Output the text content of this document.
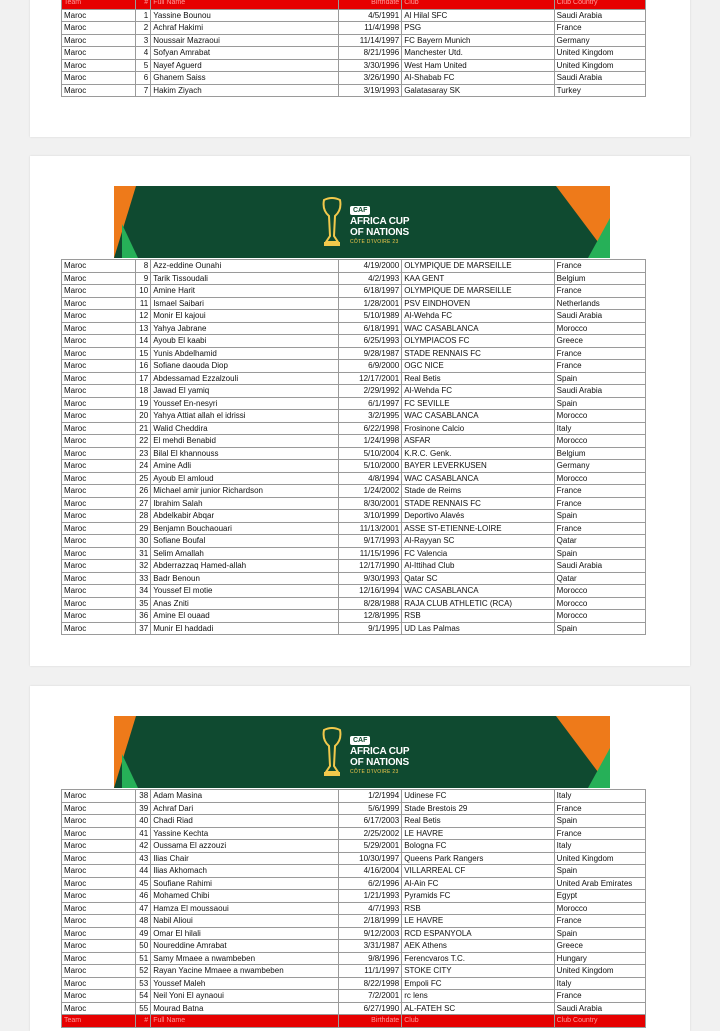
Team	#	Full Name	Birthdate	Club	Club Country
Maroc	1	Yassine Bounou	4/5/1991	Al Hilal SFC	Saudi Arabia
Maroc	2	Achraf Hakimi	11/4/1998	PSG	France
Maroc	3	Noussair Mazraoui	11/14/1997	FC Bayern Munich	Germany
Maroc	4	Sofyan Amrabat	8/21/1996	Manchester Utd.	United Kingdom
Maroc	5	Nayef Aguerd	3/30/1996	West Ham United	United Kingdom
Maroc	6	Ghanem Saiss	3/26/1990	Al-Shabab FC	Saudi Arabia
Maroc	7	Hakim Ziyach	3/19/1993	Galatasaray SK	Turkey
CAF
AFRICA CUP
OF NATIONS
CÔTE D'IVOIRE 23
Maroc	8	Azz-eddine Ounahi	4/19/2000	OLYMPIQUE DE MARSEILLE	France
Maroc	9	Tarik Tissoudali	4/2/1993	KAA GENT	Belgium
Maroc	10	Amine Harit	6/18/1997	OLYMPIQUE DE MARSEILLE	France
Maroc	11	Ismael Saibari	1/28/2001	PSV EINDHOVEN	Netherlands
Maroc	12	Monir El kajoui	5/10/1989	Al-Wehda FC	Saudi Arabia
Maroc	13	Yahya Jabrane	6/18/1991	WAC CASABLANCA	Morocco
Maroc	14	Ayoub El kaabi	6/25/1993	OLYMPIACOS FC	Greece
Maroc	15	Yunis Abdelhamid	9/28/1987	STADE RENNAIS FC	France
Maroc	16	Sofiane daouda Diop	6/9/2000	OGC NICE	France
Maroc	17	Abdessamad Ezzalzouli	12/17/2001	Real Betis	Spain
Maroc	18	Jawad El yamiq	2/29/1992	Al-Wehda FC	Saudi Arabia
Maroc	19	Youssef En-nesyri	6/1/1997	FC SEVILLE	Spain
Maroc	20	Yahya Attiat allah el idrissi	3/2/1995	WAC CASABLANCA	Morocco
Maroc	21	Walid Cheddira	6/22/1998	Frosinone Calcio	Italy
Maroc	22	El mehdi Benabid	1/24/1998	ASFAR	Morocco
Maroc	23	Bilal El khannouss	5/10/2004	K.R.C. Genk.	Belgium
Maroc	24	Amine Adli	5/10/2000	BAYER LEVERKUSEN	Germany
Maroc	25	Ayoub El amloud	4/8/1994	WAC CASABLANCA	Morocco
Maroc	26	Michael amir junior Richardson	1/24/2002	Stade de Reims	France
Maroc	27	Ibrahim Salah	8/30/2001	STADE RENNAIS FC	France
Maroc	28	Abdelkabir Abqar	3/10/1999	Deportivo Alavés	Spain
Maroc	29	Benjamn Bouchaouari	11/13/2001	ASSE ST-ETIENNE-LOIRE	France
Maroc	30	Sofiane Boufal	9/17/1993	Al-Rayyan SC	Qatar
Maroc	31	Selim Amallah	11/15/1996	FC Valencia	Spain
Maroc	32	Abderrazzaq Hamed-allah	12/17/1990	Al-Ittihad Club	Saudi Arabia
Maroc	33	Badr Benoun	9/30/1993	Qatar SC	Qatar
Maroc	34	Youssef El motie	12/16/1994	WAC CASABLANCA	Morocco
Maroc	35	Anas Zniti	8/28/1988	RAJA CLUB ATHLETIC (RCA)	Morocco
Maroc	36	Amine El ouaad	12/8/1995	RSB	Morocco
Maroc	37	Munir El haddadi	9/1/1995	UD Las Palmas	Spain
CAF
AFRICA CUP
OF NATIONS
CÔTE D'IVOIRE 23
Maroc	38	Adam Masina	1/2/1994	Udinese FC	Italy
Maroc	39	Achraf Dari	5/6/1999	Stade Brestois 29	France
Maroc	40	Chadi Riad	6/17/2003	Real Betis	Spain
Maroc	41	Yassine Kechta	2/25/2002	LE HAVRE	France
Maroc	42	Oussama El azzouzi	5/29/2001	Bologna FC	Italy
Maroc	43	Ilias Chair	10/30/1997	Queens Park Rangers	United Kingdom
Maroc	44	Ilias Akhomach	4/16/2004	VILLARREAL CF	Spain
Maroc	45	Soufiane Rahimi	6/2/1996	Al-Ain FC	United Arab Emirates
Maroc	46	Mohamed Chibi	1/21/1993	Pyramids FC	Egypt
Maroc	47	Hamza El moussaoui	4/7/1993	RSB	Morocco
Maroc	48	Nabil Alioui	2/18/1999	LE HAVRE	France
Maroc	49	Omar El hilali	9/12/2003	RCD ESPANYOLA	Spain
Maroc	50	Noureddine Amrabat	3/31/1987	AEK Athens	Greece
Maroc	51	Samy Mmaee a nwambeben	9/8/1996	Ferencvaros T.C.	Hungary
Maroc	52	Rayan Yacine Mmaee a nwambeben	11/1/1997	STOKE CITY	United Kingdom
Maroc	53	Youssef Maleh	8/22/1998	Empoli FC	Italy
Maroc	54	Neil Yoni El aynaoui	7/2/2001	rc lens	France
Maroc	55	Mourad Batna	6/27/1990	AL-FATEH SC	Saudi Arabia
Team	#	Full Name	Birthdate	Club	Club Country
